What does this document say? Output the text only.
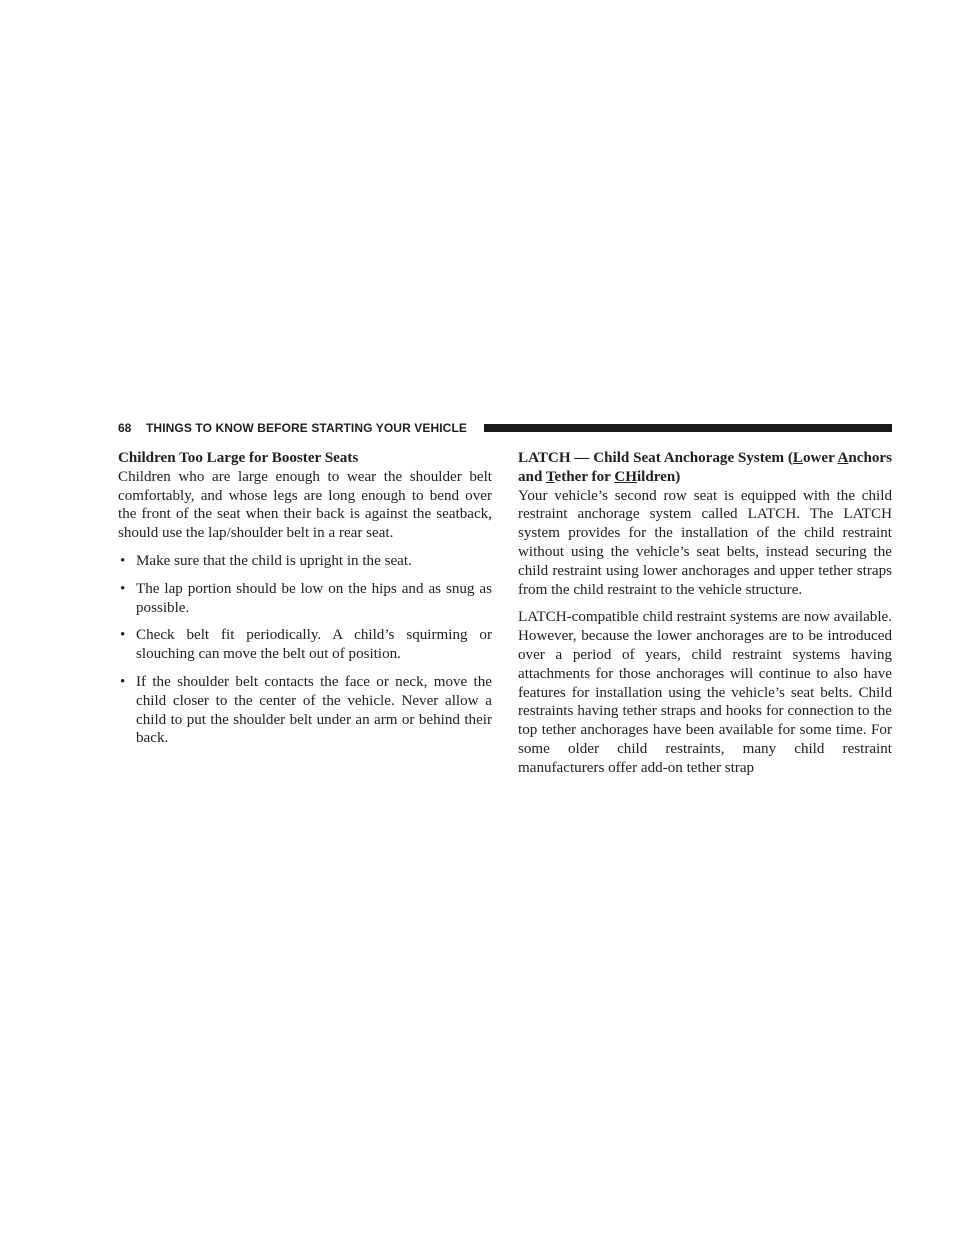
68 THINGS TO KNOW BEFORE STARTING YOUR VEHICLE

Children Too Large for Booster Seats

Children who are large enough to wear the shoulder belt comfortably, and whose legs are long enough to bend over the front of the seat when their back is against the seatback, should use the lap/shoulder belt in a rear seat.

• Make sure that the child is upright in the seat.
• The lap portion should be low on the hips and as snug as possible.
• Check belt fit periodically. A child’s squirming or slouching can move the belt out of position.
• If the shoulder belt contacts the face or neck, move the child closer to the center of the vehicle. Never allow a child to put the shoulder belt under an arm or behind their back.

LATCH — Child Seat Anchorage System (Lower Anchors and Tether for CHildren)

Your vehicle’s second row seat is equipped with the child restraint anchorage system called LATCH. The LATCH system provides for the installation of the child restraint without using the vehicle’s seat belts, instead securing the child restraint using lower anchorages and upper tether straps from the child restraint to the vehicle structure.

LATCH-compatible child restraint systems are now available. However, because the lower anchorages are to be introduced over a period of years, child restraint systems having attachments for those anchorages will continue to also have features for installation using the vehicle’s seat belts. Child restraints having tether straps and hooks for connection to the top tether anchorages have been available for some time. For some older child restraints, many child restraint manufacturers offer add-on tether strap
